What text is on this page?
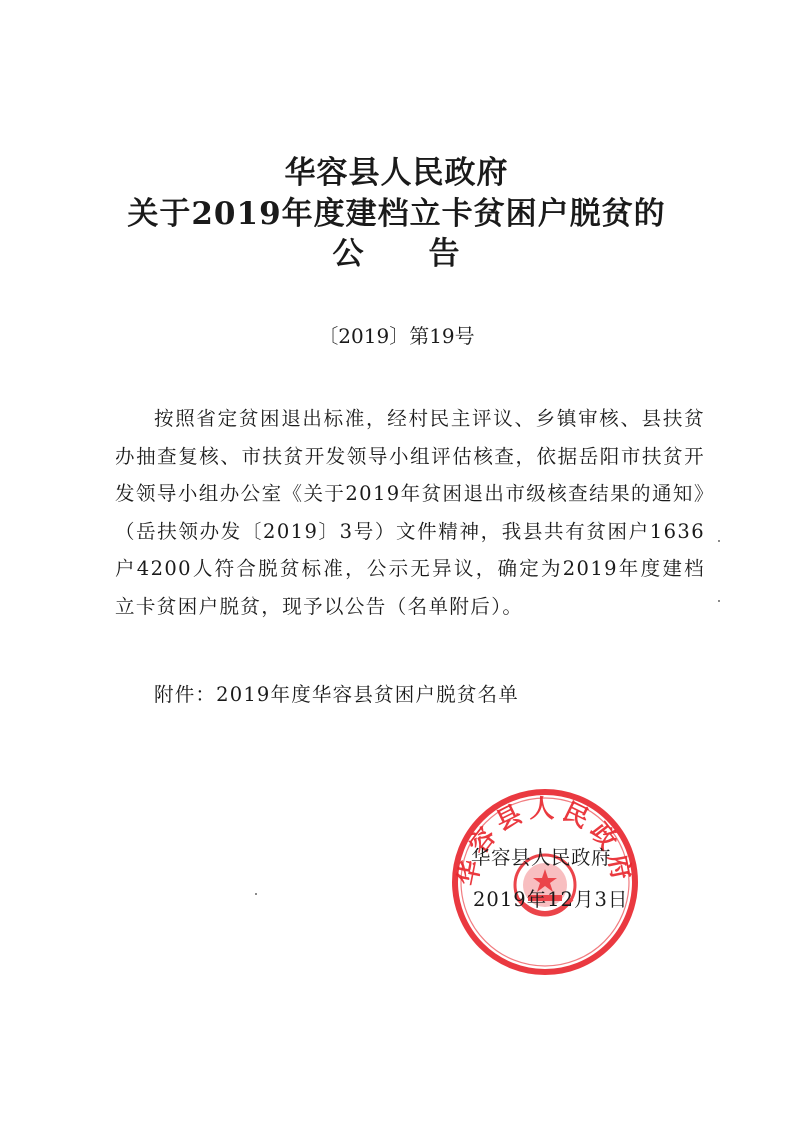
华容县人民政府
关于2019年度建档立卡贫困户脱贫的
公 告
〔2019〕第19号
按照省定贫困退出标准，经村民主评议、乡镇审核、县扶贫办抽查复核、市扶贫开发领导小组评估核查，依据岳阳市扶贫开发领导小组办公室《关于2019年贫困退出市级核查结果的通知》（岳扶领办发〔2019〕3号）文件精神，我县共有贫困户1636户4200人符合脱贫标准，公示无异议，确定为2019年度建档立卡贫困户脱贫，现予以公告（名单附后）。
附件：2019年度华容县贫困户脱贫名单
华容县人民政府
华容县人民政府
2019年12月3日
